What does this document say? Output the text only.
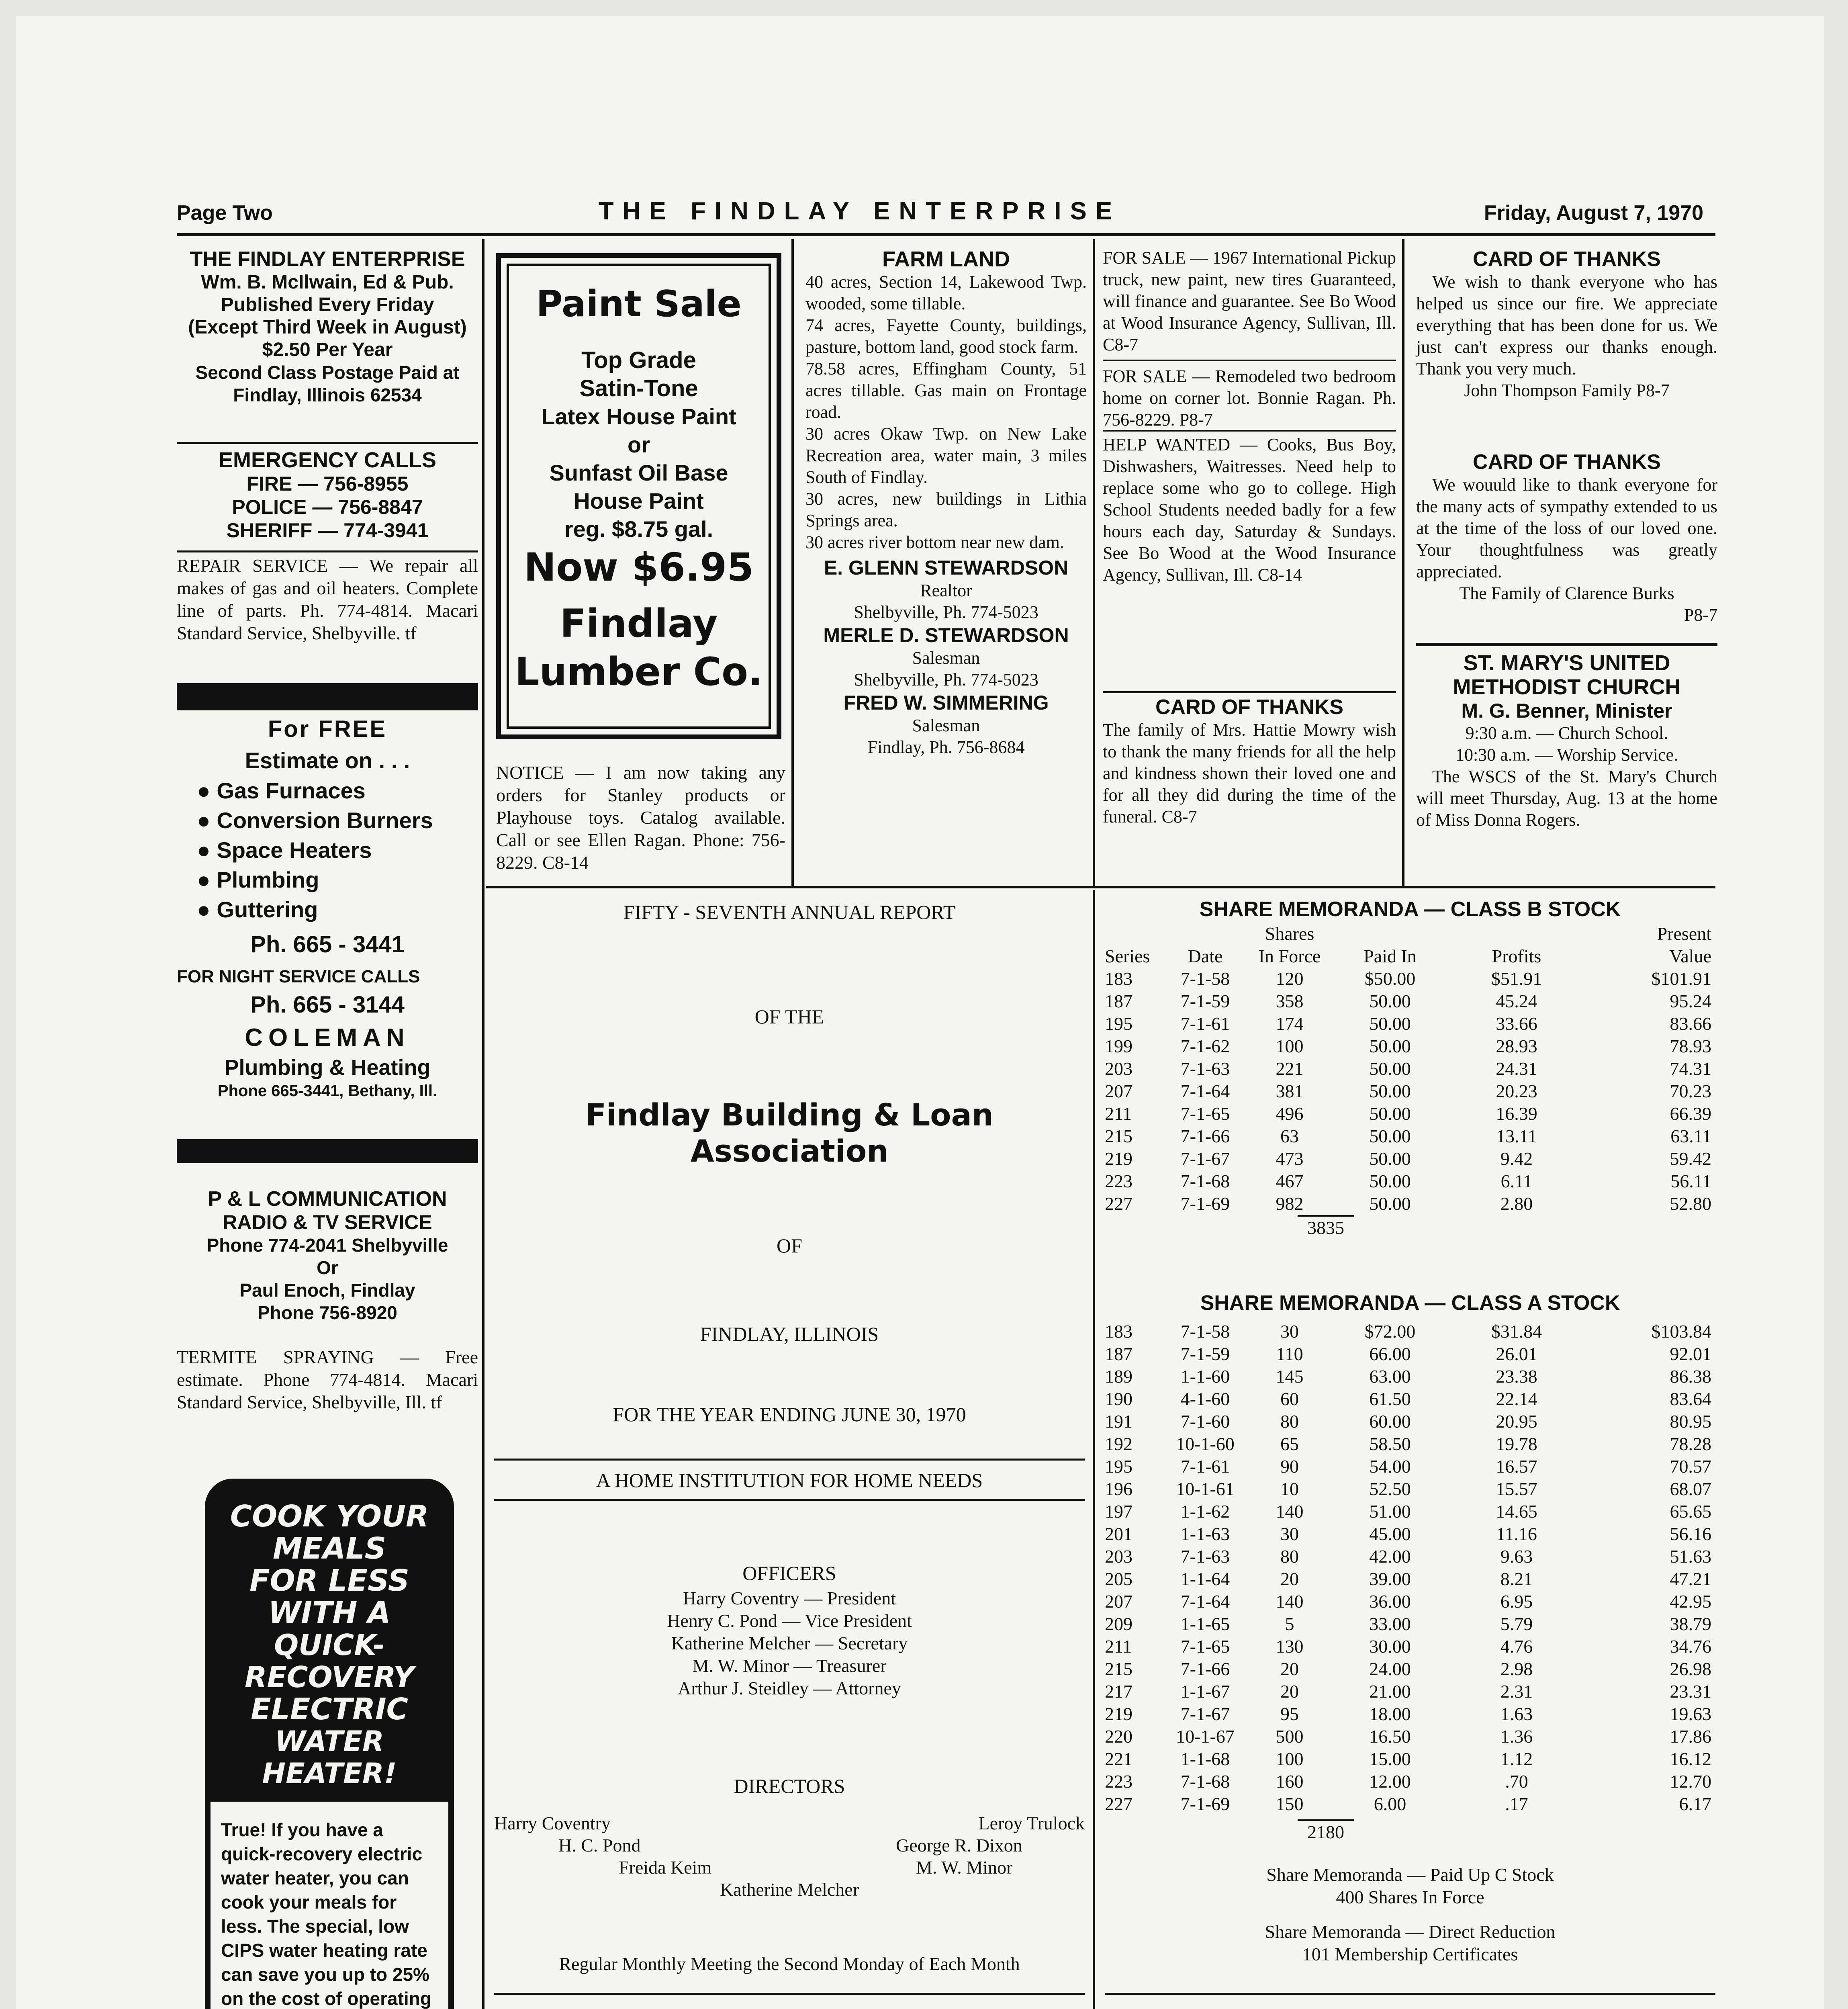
Page Two	THE FINDLAY ENTERPRISE	Friday, August 7, 1970
THE FINDLAY ENTERPRISE
Wm. B. McIlwain, Ed & Pub.
Published Every Friday
(Except Third Week in August)
$2.50 Per Year
Second Class Postage Paid at
Findlay, Illinois 62534
EMERGENCY CALLS
FIRE — 756-8955
POLICE — 756-8847
SHERIFF — 774-3941
REPAIR SERVICE — We repair all makes of gas and oil heaters. Complete line of parts. Ph. 774-4814. Macari Standard Service, Shelbyville. tf
For FREE
Estimate on . . .
● Gas Furnaces
● Conversion Burners
● Space Heaters
● Plumbing
● Guttering
Ph. 665 - 3441
FOR NIGHT SERVICE CALLS
Ph. 665 - 3144
COLEMAN
Plumbing & Heating
Phone 665-3441, Bethany, Ill.
P & L COMMUNICATION
RADIO & TV SERVICE
Phone 774-2041 Shelbyville
Or
Paul Enoch, Findlay
Phone 756-8920
TERMITE SPRAYING — Free estimate. Phone 774-4814. Macari Standard Service, Shelbyville, Ill. tf
COOK YOUR MEALS
FOR LESS WITH A
QUICK-RECOVERY
ELECTRIC
WATER HEATER!
True! If you have a quick-recovery electric water heater, you can cook your meals for less. The special, low CIPS water heating rate can save you up to 25% on the cost of operating
Paint Sale
Top Grade
Satin-Tone
Latex House Paint
or
Sunfast Oil Base
House Paint
reg. $8.75 gal.
Now $6.95
Findlay
Lumber Co.
NOTICE — I am now taking any orders for Stanley products or Playhouse toys. Catalog available. Call or see Ellen Ragan. Phone: 756-8229. C8-14
FARM LAND
40 acres, Section 14, Lakewood Twp. wooded, some tillable.
74 acres, Fayette County, buildings, pasture, bottom land, good stock farm.
78.58 acres, Effingham County, 51 acres tillable. Gas main on Frontage road.
30 acres Okaw Twp. on New Lake Recreation area, water main, 3 miles South of Findlay.
30 acres, new buildings in Lithia Springs area.
30 acres river bottom near new dam.
E. GLENN STEWARDSON
Realtor
Shelbyville, Ph. 774-5023
MERLE D. STEWARDSON
Salesman
Shelbyville, Ph. 774-5023
FRED W. SIMMERING
Salesman
Findlay, Ph. 756-8684
FOR SALE — 1967 International Pickup truck, new paint, new tires Guaranteed, will finance and guarantee. See Bo Wood at Wood Insurance Agency, Sullivan, Ill. C8-7
FOR SALE — Remodeled two bedroom home on corner lot. Bonnie Ragan. Ph. 756-8229. P8-7
HELP WANTED — Cooks, Bus Boy, Dishwashers, Waitresses. Need help to replace some who go to college. High School Students needed badly for a few hours each day, Saturday & Sundays. See Bo Wood at the Wood Insurance Agency, Sullivan, Ill. C8-14
CARD OF THANKS
The family of Mrs. Hattie Mowry wish to thank the many friends for all the help and kindness shown their loved one and for all they did during the time of the funeral. C8-7
CARD OF THANKS
We wish to thank everyone who has helped us since our fire. We appreciate everything that has been done for us. We just can't express our thanks enough. Thank you very much.
John Thompson Family P8-7
CARD OF THANKS
We wouuld like to thank everyone for the many acts of sympathy extended to us at the time of the loss of our loved one. Your thoughtfulness was greatly appreciated.
The Family of Clarence Burks
P8-7
ST. MARY'S UNITED
METHODIST CHURCH
M. G. Benner, Minister
9:30 a.m. — Church School.
10:30 a.m. — Worship Service.
The WSCS of the St. Mary's Church will meet Thursday, Aug. 13 at the home of Miss Donna Rogers.
FIFTY - SEVENTH ANNUAL REPORT
OF THE
Findlay Building & Loan Association
OF
FINDLAY, ILLINOIS
FOR THE YEAR ENDING JUNE 30, 1970
A HOME INSTITUTION FOR HOME NEEDS
OFFICERS
Harry Coventry — President
Henry C. Pond — Vice President
Katherine Melcher — Secretary
M. W. Minor — Treasurer
Arthur J. Steidley — Attorney
DIRECTORS
Harry Coventry	Leroy Trulock
H. C. Pond	George R. Dixon
Freida Keim	M. W. Minor
Katherine Melcher
Regular Monthly Meeting the Second Monday of Each Month
SHARE MEMORANDA — CLASS B STOCK
		Shares			Present
Series	Date	In Force	Paid In	Profits	Value
183	7-1-58	120	$50.00	$51.91	$101.91
187	7-1-59	358	50.00	45.24	95.24
195	7-1-61	174	50.00	33.66	83.66
199	7-1-62	100	50.00	28.93	78.93
203	7-1-63	221	50.00	24.31	74.31
207	7-1-64	381	50.00	20.23	70.23
211	7-1-65	496	50.00	16.39	66.39
215	7-1-66	63	50.00	13.11	63.11
219	7-1-67	473	50.00	9.42	59.42
223	7-1-68	467	50.00	6.11	56.11
227	7-1-69	982	50.00	2.80	52.80
3835
SHARE MEMORANDA — CLASS A STOCK
183	7-1-58	30	$72.00	$31.84	$103.84
187	7-1-59	110	66.00	26.01	92.01
189	1-1-60	145	63.00	23.38	86.38
190	4-1-60	60	61.50	22.14	83.64
191	7-1-60	80	60.00	20.95	80.95
192	10-1-60	65	58.50	19.78	78.28
195	7-1-61	90	54.00	16.57	70.57
196	10-1-61	10	52.50	15.57	68.07
197	1-1-62	140	51.00	14.65	65.65
201	1-1-63	30	45.00	11.16	56.16
203	7-1-63	80	42.00	9.63	51.63
205	1-1-64	20	39.00	8.21	47.21
207	7-1-64	140	36.00	6.95	42.95
209	1-1-65	5	33.00	5.79	38.79
211	7-1-65	130	30.00	4.76	34.76
215	7-1-66	20	24.00	2.98	26.98
217	1-1-67	20	21.00	2.31	23.31
219	7-1-67	95	18.00	1.63	19.63
220	10-1-67	500	16.50	1.36	17.86
221	1-1-68	100	15.00	1.12	16.12
223	7-1-68	160	12.00	.70	12.70
227	7-1-69	150	6.00	.17	6.17
2180
Share Memoranda — Paid Up C Stock
400 Shares In Force
Share Memoranda — Direct Reduction
101 Membership Certificates
